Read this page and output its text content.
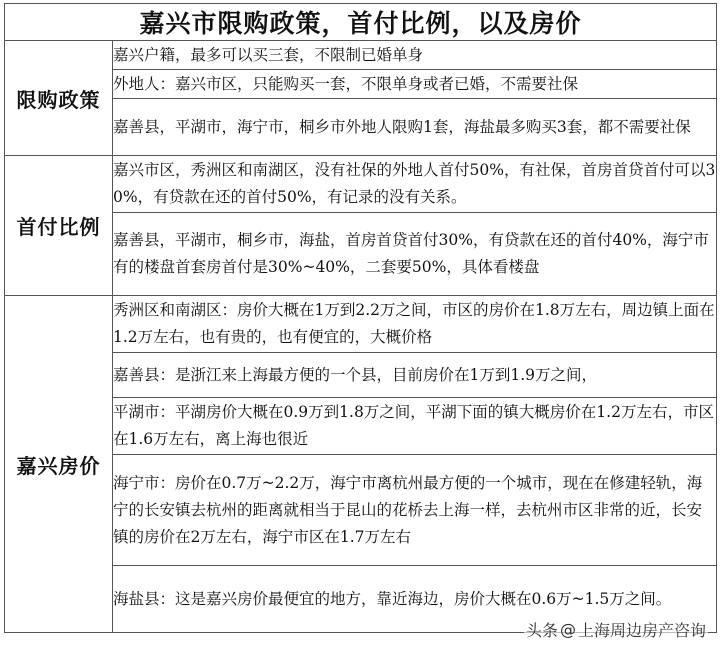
嘉兴市限购政策，首付比例，以及房价	
限购政策	嘉兴户籍，最多可以买三套，不限制已婚单身
	外地人：嘉兴市区，只能购买一套，不限单身或者已婚，不需要社保
	嘉善县，平湖市，海宁市，桐乡市外地人限购1套，海盐最多购买3套，都不需要社保
首付比例	嘉兴市区，秀洲区和南湖区，没有社保的外地人首付50%，有社保，首房首贷首付可以30%，有贷款在还的首付50%，有记录的没有关系。
	嘉善县，平湖市，桐乡市，海盐，首房首贷首付30%，有贷款在还的首付40%，海宁市有的楼盘首套房首付是30%~40%，二套要50%，具体看楼盘
嘉兴房价	秀洲区和南湖区：房价大概在1万到2.2万之间，市区的房价在1.8万左右，周边镇上面在1.2万左右，也有贵的，也有便宜的，大概价格
	嘉善县：是浙江来上海最方便的一个县，目前房价在1万到1.9万之间，
	平湖市：平湖房价大概在0.9万到1.8万之间，平湖下面的镇大概房价在1.2万左右，市区在1.6万左右，离上海也很近
	海宁市：房价在0.7万~2.2万，海宁市离杭州最方便的一个城市，现在在修建轻轨，海宁的长安镇去杭州的距离就相当于昆山的花桥去上海一样，去杭州市区非常的近，长安镇的房价在2万左右，海宁市区在1.7万左右
	海盐县：这是嘉兴房价最便宜的地方，靠近海边，房价大概在0.6万~1.5万之间。
头条 @ 上海周边房产咨询
